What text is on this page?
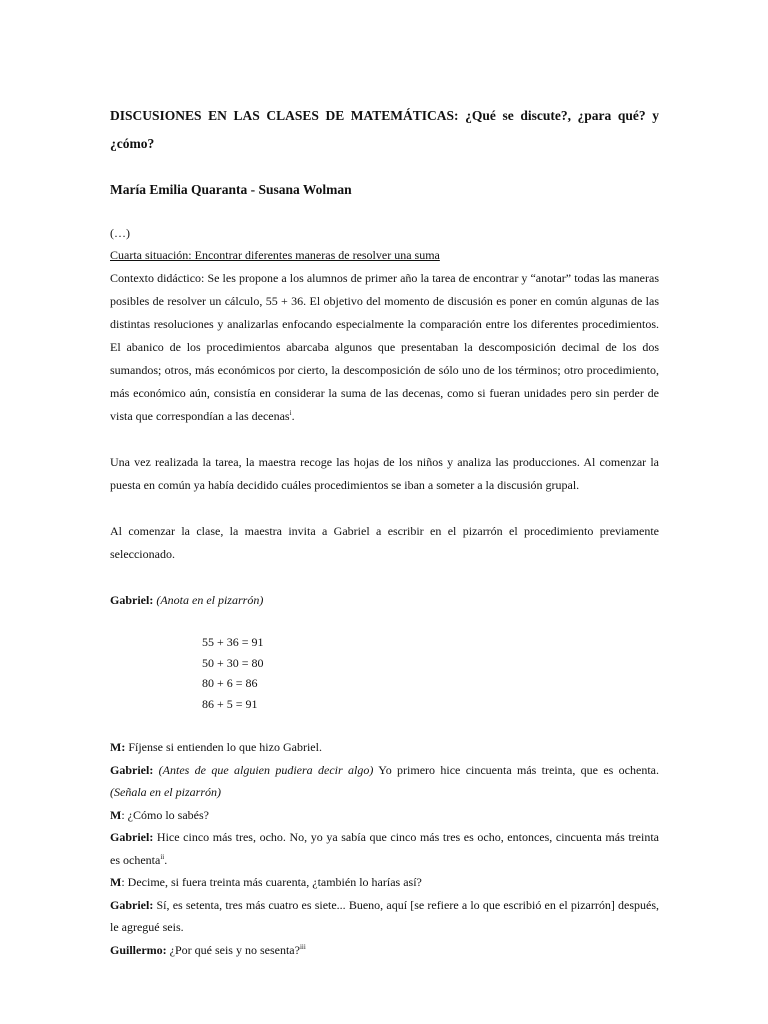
DISCUSIONES EN LAS CLASES DE MATEMÁTICAS: ¿Qué se discute?, ¿para qué? y ¿cómo?
María Emilia Quaranta - Susana Wolman

(…)

Cuarta situación: Encontrar diferentes maneras de resolver una suma

Contexto didáctico: Se les propone a los alumnos de primer año la tarea de encontrar y “anotar” todas las maneras posibles de resolver un cálculo, 55 + 36. El objetivo del momento de discusión es poner en común algunas de las distintas resoluciones y analizarlas enfocando especialmente la comparación entre los diferentes procedimientos. El abanico de los procedimientos abarcaba algunos que presentaban la descomposición decimal de los dos sumandos; otros, más económicos por cierto, la descomposición de sólo uno de los términos; otro procedimiento, más económico aún, consistía en considerar la suma de las decenas, como si fueran unidades pero sin perder de vista que correspondían a las decenas$^i$.

Una vez realizada la tarea, la maestra recoge las hojas de los niños y analiza las producciones. Al comenzar la puesta en común ya había decidido cuáles procedimientos se iban a someter a la discusión grupal.

Al comenzar la clase, la maestra invita a Gabriel a escribir en el pizarrón el procedimiento previamente seleccionado.

Gabriel: (Anota en el pizarrón)

55 + 36 = 91
50 + 30 = 80
80 + 6 = 86
86 + 5 = 91

M: Fíjense si entienden lo que hizo Gabriel.

Gabriel: (Antes de que alguien pudiera decir algo) Yo primero hice cincuenta más treinta, que es ochenta. (Señala en el pizarrón)

M: ¿Cómo lo sabés?

Gabriel: Hice cinco más tres, ocho. No, yo ya sabía que cinco más tres es ocho, entonces, cincuenta más treinta es ochenta$^{ii}$.

M: Decime, si fuera treinta más cuarenta, ¿también lo harías así?

Gabriel: Sí, es setenta, tres más cuatro es siete... Bueno, aquí [se refiere a lo que escribió en el pizarrón] después, le agregué seis.

Guillermo: ¿Por qué seis y no sesenta?$^{iii}$
